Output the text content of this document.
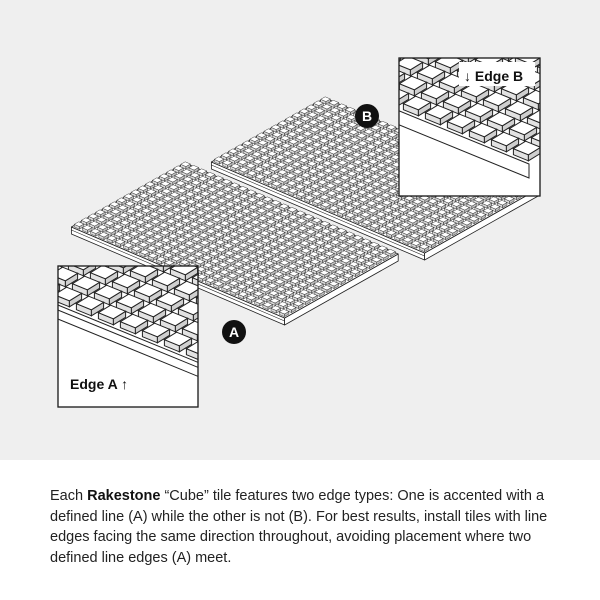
B
A
↓ Edge B
Edge A ↑
Each Rakestone “Cube” tile features two edge types: One is accented with a defined line (A) while the other is not (B). For best results, install tiles with line edges facing the same direction throughout, avoiding placement where two defined line edges (A) meet.
